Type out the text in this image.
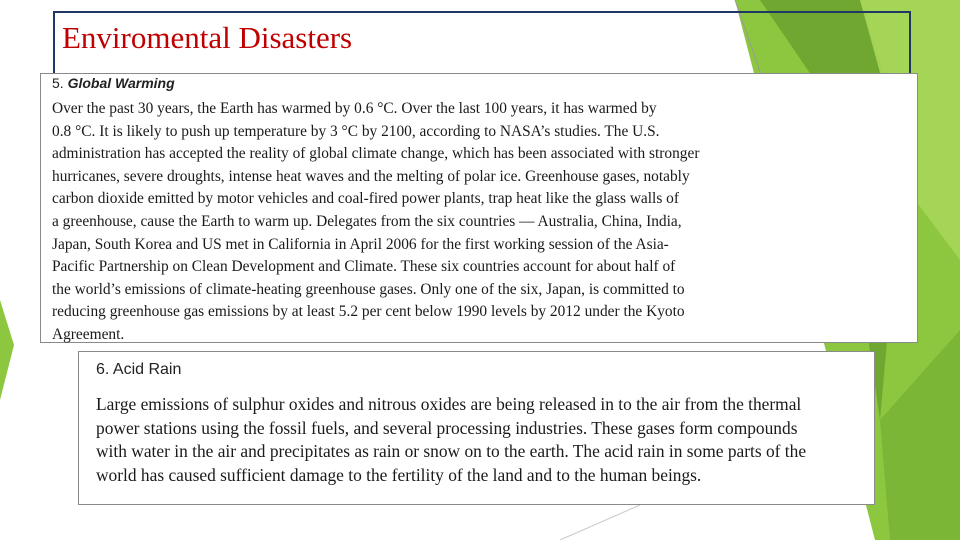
Enviromental Disasters
5. Global Warming
Over the past 30 years, the Earth has warmed by 0.6 °C. Over the last 100 years, it has warmed by
0.8 °C. It is likely to push up temperature by 3 °C by 2100, according to NASA’s studies. The U.S.
administration has accepted the reality of global climate change, which has been associated with stronger
hurricanes, severe droughts, intense heat waves and the melting of polar ice. Greenhouse gases, notably
carbon dioxide emitted by motor vehicles and coal-fired power plants, trap heat like the glass walls of
a greenhouse, cause the Earth to warm up. Delegates from the six countries — Australia, China, India,
Japan, South Korea and US met in California in April 2006 for the first working session of the Asia-
Pacific Partnership on Clean Development and Climate. These six countries account for about half of
the world’s emissions of climate-heating greenhouse gases. Only one of the six, Japan, is committed to
reducing greenhouse gas emissions by at least 5.2 per cent below 1990 levels by 2012 under the Kyoto
Agreement.
6. Acid Rain
Large emissions of sulphur oxides and nitrous oxides are being released in to the air from the thermal
power stations using the fossil fuels, and several processing industries. These gases form compounds
with water in the air and precipitates as rain or snow on to the earth. The acid rain in some parts of the
world has caused sufficient damage to the fertility of the land and to the human beings.
